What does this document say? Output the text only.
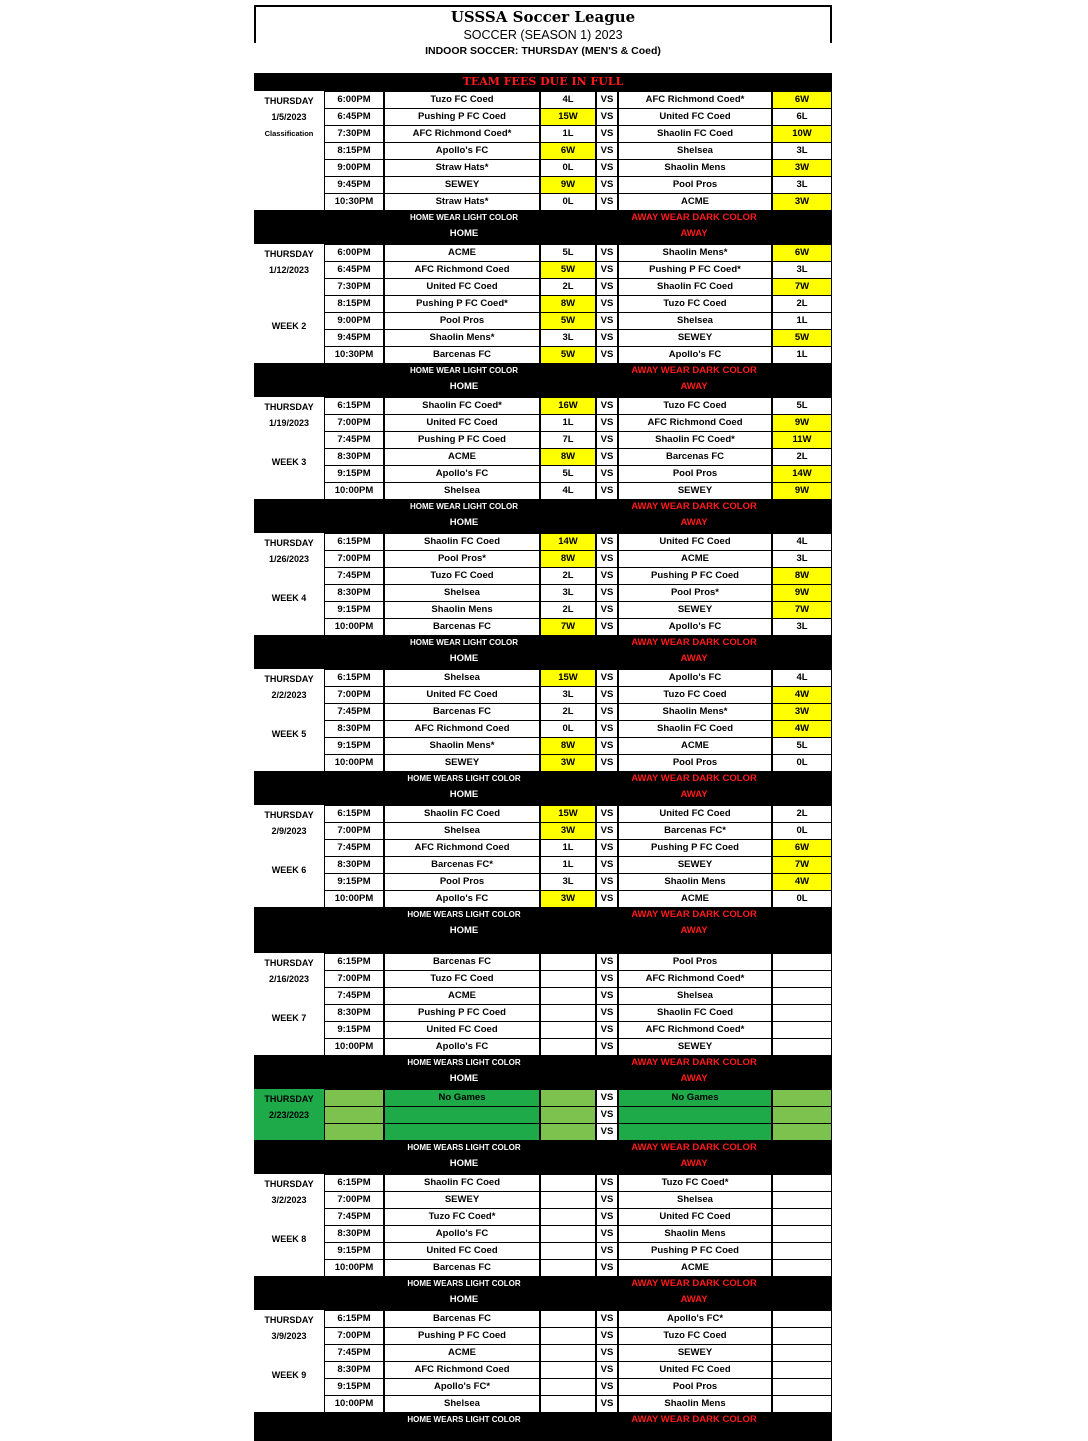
USSSA Soccer League
SOCCER (SEASON 1) 2023
INDOOR SOCCER: THURSDAY (MEN'S & Coed)
TEAM FEES DUE IN FULL
THURSDAY
1/5/2023
Classification
6:00PM	Tuzo FC Coed	4L	VS	AFC Richmond Coed*	6W
6:45PM	Pushing P FC Coed	15W	VS	United FC Coed	6L
7:30PM	AFC Richmond Coed*	1L	VS	Shaolin FC Coed	10W
8:15PM	Apollo's FC	6W	VS	Shelsea	3L
9:00PM	Straw Hats*	0L	VS	Shaolin Mens	3W
9:45PM	SEWEY	9W	VS	Pool Pros	3L
10:30PM	Straw Hats*	0L	VS	ACME	3W
HOME WEAR LIGHT COLOR	AWAY WEAR DARK COLOR
HOME	AWAY
THURSDAY
1/12/2023
WEEK 2
6:00PM	ACME	5L	VS	Shaolin Mens*	6W
6:45PM	AFC Richmond Coed	5W	VS	Pushing P FC Coed*	3L
7:30PM	United FC Coed	2L	VS	Shaolin FC Coed	7W
8:15PM	Pushing P FC Coed*	8W	VS	Tuzo FC Coed	2L
9:00PM	Pool Pros	5W	VS	Shelsea	1L
9:45PM	Shaolin Mens*	3L	VS	SEWEY	5W
10:30PM	Barcenas FC	5W	VS	Apollo's FC	1L
HOME WEAR LIGHT COLOR	AWAY WEAR DARK COLOR
HOME	AWAY
THURSDAY
1/19/2023
WEEK 3
6:15PM	Shaolin FC Coed*	16W	VS	Tuzo FC Coed	5L
7:00PM	United FC Coed	1L	VS	AFC Richmond Coed	9W
7:45PM	Pushing P FC Coed	7L	VS	Shaolin FC Coed*	11W
8:30PM	ACME	8W	VS	Barcenas FC	2L
9:15PM	Apollo's FC	5L	VS	Pool Pros	14W
10:00PM	Shelsea	4L	VS	SEWEY	9W
HOME WEAR LIGHT COLOR	AWAY WEAR DARK COLOR
HOME	AWAY
THURSDAY
1/26/2023
WEEK 4
6:15PM	Shaolin FC Coed	14W	VS	United FC Coed	4L
7:00PM	Pool Pros*	8W	VS	ACME	3L
7:45PM	Tuzo FC Coed	2L	VS	Pushing P FC Coed	8W
8:30PM	Shelsea	3L	VS	Pool Pros*	9W
9:15PM	Shaolin Mens	2L	VS	SEWEY	7W
10:00PM	Barcenas FC	7W	VS	Apollo's FC	3L
HOME WEAR LIGHT COLOR	AWAY WEAR DARK COLOR
HOME	AWAY
THURSDAY
2/2/2023
WEEK 5
6:15PM	Shelsea	15W	VS	Apollo's FC	4L
7:00PM	United FC Coed	3L	VS	Tuzo FC Coed	4W
7:45PM	Barcenas FC	2L	VS	Shaolin Mens*	3W
8:30PM	AFC Richmond Coed	0L	VS	Shaolin FC Coed	4W
9:15PM	Shaolin Mens*	8W	VS	ACME	5L
10:00PM	SEWEY	3W	VS	Pool Pros	0L
HOME WEARS LIGHT COLOR	AWAY WEAR DARK COLOR
HOME	AWAY
THURSDAY
2/9/2023
WEEK 6
6:15PM	Shaolin FC Coed	15W	VS	United FC Coed	2L
7:00PM	Shelsea	3W	VS	Barcenas FC*	0L
7:45PM	AFC Richmond Coed	1L	VS	Pushing P FC Coed	6W
8:30PM	Barcenas FC*	1L	VS	SEWEY	7W
9:15PM	Pool Pros	3L	VS	Shaolin Mens	4W
10:00PM	Apollo's FC	3W	VS	ACME	0L
HOME WEARS LIGHT COLOR	AWAY WEAR DARK COLOR
HOME	AWAY
THURSDAY
2/16/2023
WEEK 7
6:15PM	Barcenas FC	VS	Pool Pros
7:00PM	Tuzo FC Coed	VS	AFC Richmond Coed*
7:45PM	ACME	VS	Shelsea
8:30PM	Pushing P FC Coed	VS	Shaolin FC Coed
9:15PM	United FC Coed	VS	AFC Richmond Coed*
10:00PM	Apollo's FC	VS	SEWEY
HOME WEARS LIGHT COLOR	AWAY WEAR DARK COLOR
HOME	AWAY
THURSDAY
2/23/2023
No Games	VS	No Games
VS
VS
HOME WEARS LIGHT COLOR	AWAY WEAR DARK COLOR
HOME	AWAY
THURSDAY
3/2/2023
WEEK 8
6:15PM	Shaolin FC Coed	VS	Tuzo FC Coed*
7:00PM	SEWEY	VS	Shelsea
7:45PM	Tuzo FC Coed*	VS	United FC Coed
8:30PM	Apollo's FC	VS	Shaolin Mens
9:15PM	United FC Coed	VS	Pushing P FC Coed
10:00PM	Barcenas FC	VS	ACME
HOME WEARS LIGHT COLOR	AWAY WEAR DARK COLOR
HOME	AWAY
THURSDAY
3/9/2023
WEEK 9
6:15PM	Barcenas FC	VS	Apollo's FC*
7:00PM	Pushing P FC Coed	VS	Tuzo FC Coed
7:45PM	ACME	VS	SEWEY
8:30PM	AFC Richmond Coed	VS	United FC Coed
9:15PM	Apollo's FC*	VS	Pool Pros
10:00PM	Shelsea	VS	Shaolin Mens
HOME WEARS LIGHT COLOR	AWAY WEAR DARK COLOR
